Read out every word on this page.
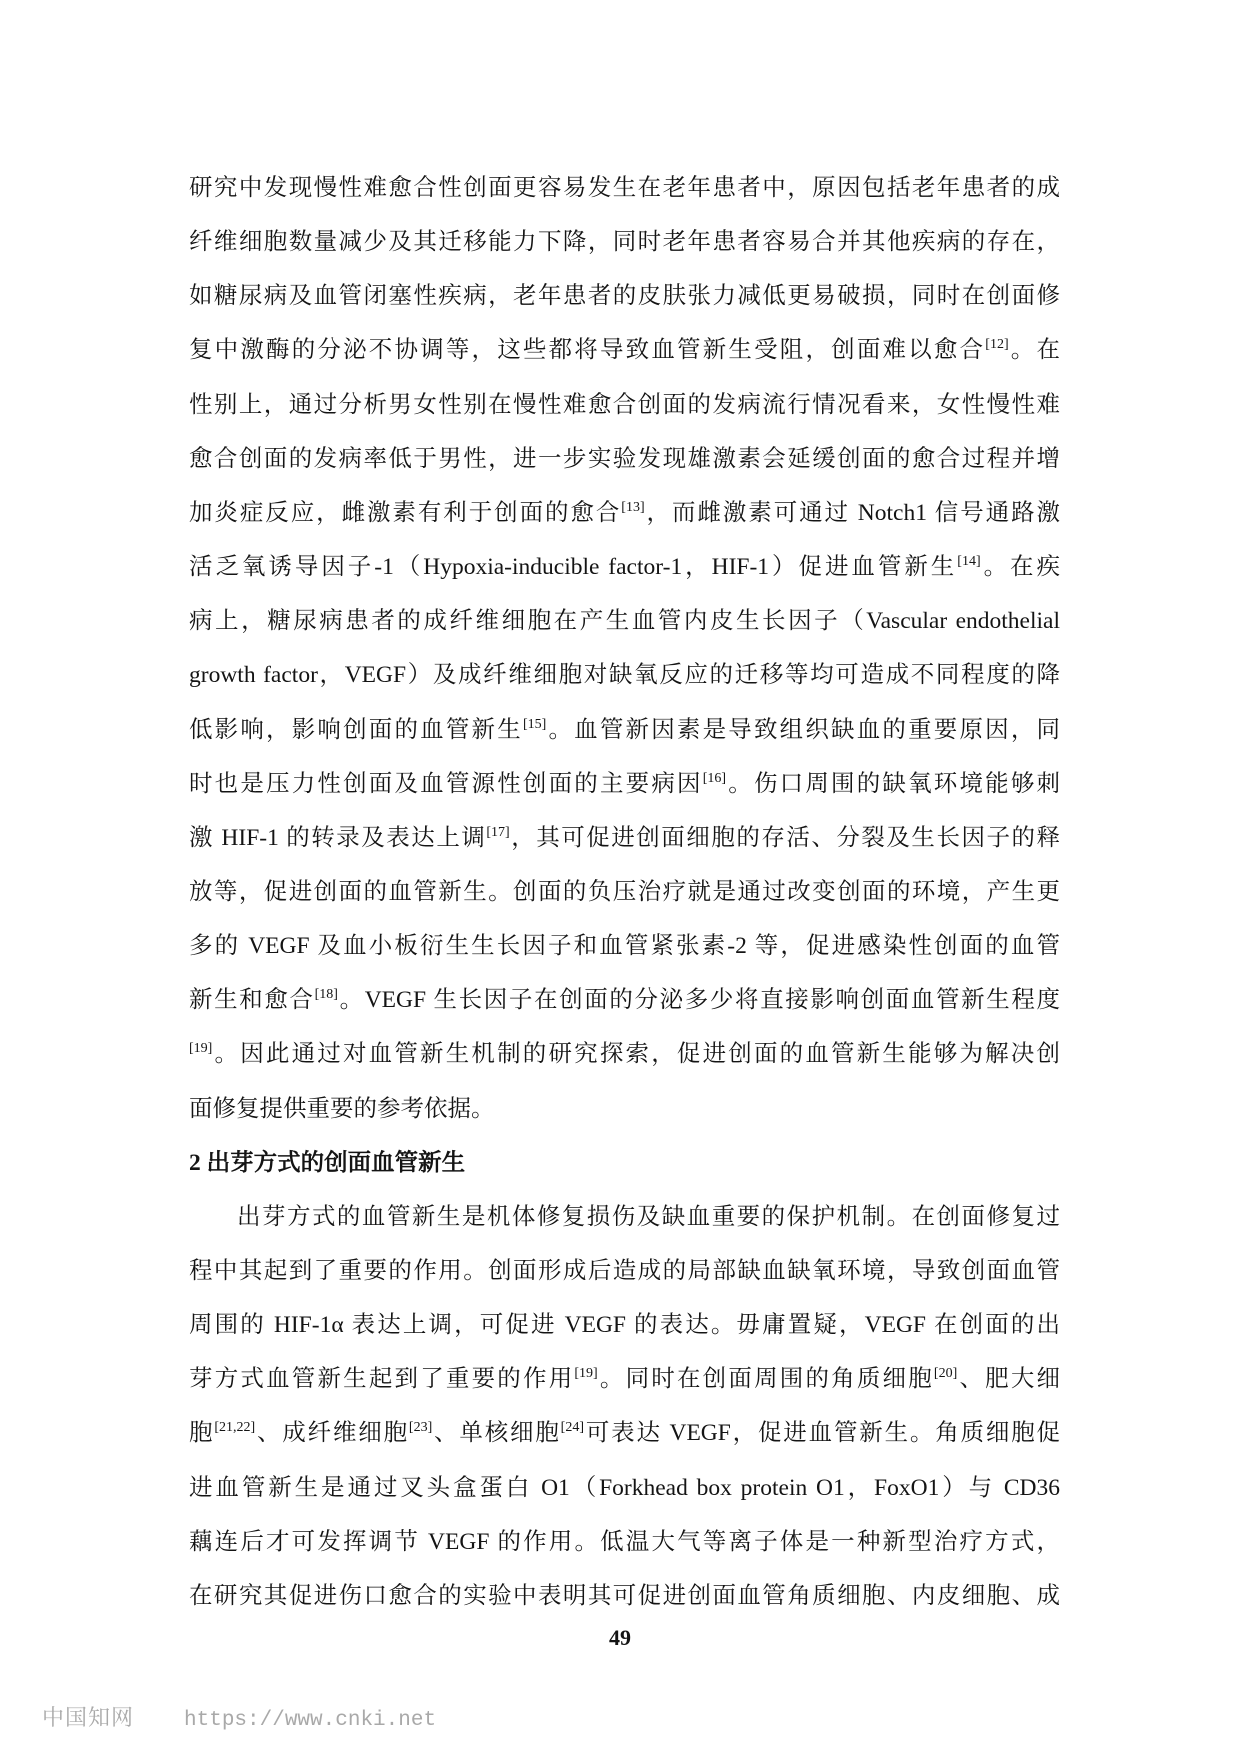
研究中发现慢性难愈合性创面更容易发生在老年患者中，原因包括老年患者的成
纤维细胞数量减少及其迁移能力下降，同时老年患者容易合并其他疾病的存在，
如糖尿病及血管闭塞性疾病，老年患者的皮肤张力减低更易破损，同时在创面修
复中激酶的分泌不协调等，这些都将导致血管新生受阻，创面难以愈合[12]。在
性别上，通过分析男女性别在慢性难愈合创面的发病流行情况看来，女性慢性难
愈合创面的发病率低于男性，进一步实验发现雄激素会延缓创面的愈合过程并增
加炎症反应，雌激素有利于创面的愈合[13]，而雌激素可通过 Notch1 信号通路激
活乏氧诱导因子-1（Hypoxia-inducible factor-1，HIF-1）促进血管新生[14]。在疾
病上，糖尿病患者的成纤维细胞在产生血管内皮生长因子（Vascular endothelial
growth factor，VEGF）及成纤维细胞对缺氧反应的迁移等均可造成不同程度的降
低影响，影响创面的血管新生[15]。血管新因素是导致组织缺血的重要原因，同
时也是压力性创面及血管源性创面的主要病因[16]。伤口周围的缺氧环境能够刺
激 HIF-1 的转录及表达上调[17]，其可促进创面细胞的存活、分裂及生长因子的释
放等，促进创面的血管新生。创面的负压治疗就是通过改变创面的环境，产生更
多的 VEGF 及血小板衍生生长因子和血管紧张素-2 等，促进感染性创面的血管
新生和愈合[18]。VEGF 生长因子在创面的分泌多少将直接影响创面血管新生程度
[19]。因此通过对血管新生机制的研究探索，促进创面的血管新生能够为解决创
面修复提供重要的参考依据。
2 出芽方式的创面血管新生
出芽方式的血管新生是机体修复损伤及缺血重要的保护机制。在创面修复过
程中其起到了重要的作用。创面形成后造成的局部缺血缺氧环境，导致创面血管
周围的 HIF-1α 表达上调，可促进 VEGF 的表达。毋庸置疑，VEGF 在创面的出
芽方式血管新生起到了重要的作用[19]。同时在创面周围的角质细胞[20]、肥大细
胞[21,22]、成纤维细胞[23]、单核细胞[24]可表达 VEGF，促进血管新生。角质细胞促
进血管新生是通过叉头盒蛋白 O1（Forkhead box protein O1，FoxO1）与 CD36
藕连后才可发挥调节 VEGF 的作用。低温大气等离子体是一种新型治疗方式，
在研究其促进伤口愈合的实验中表明其可促进创面血管角质细胞、内皮细胞、成
49
中国知网 https://www.cnki.net
